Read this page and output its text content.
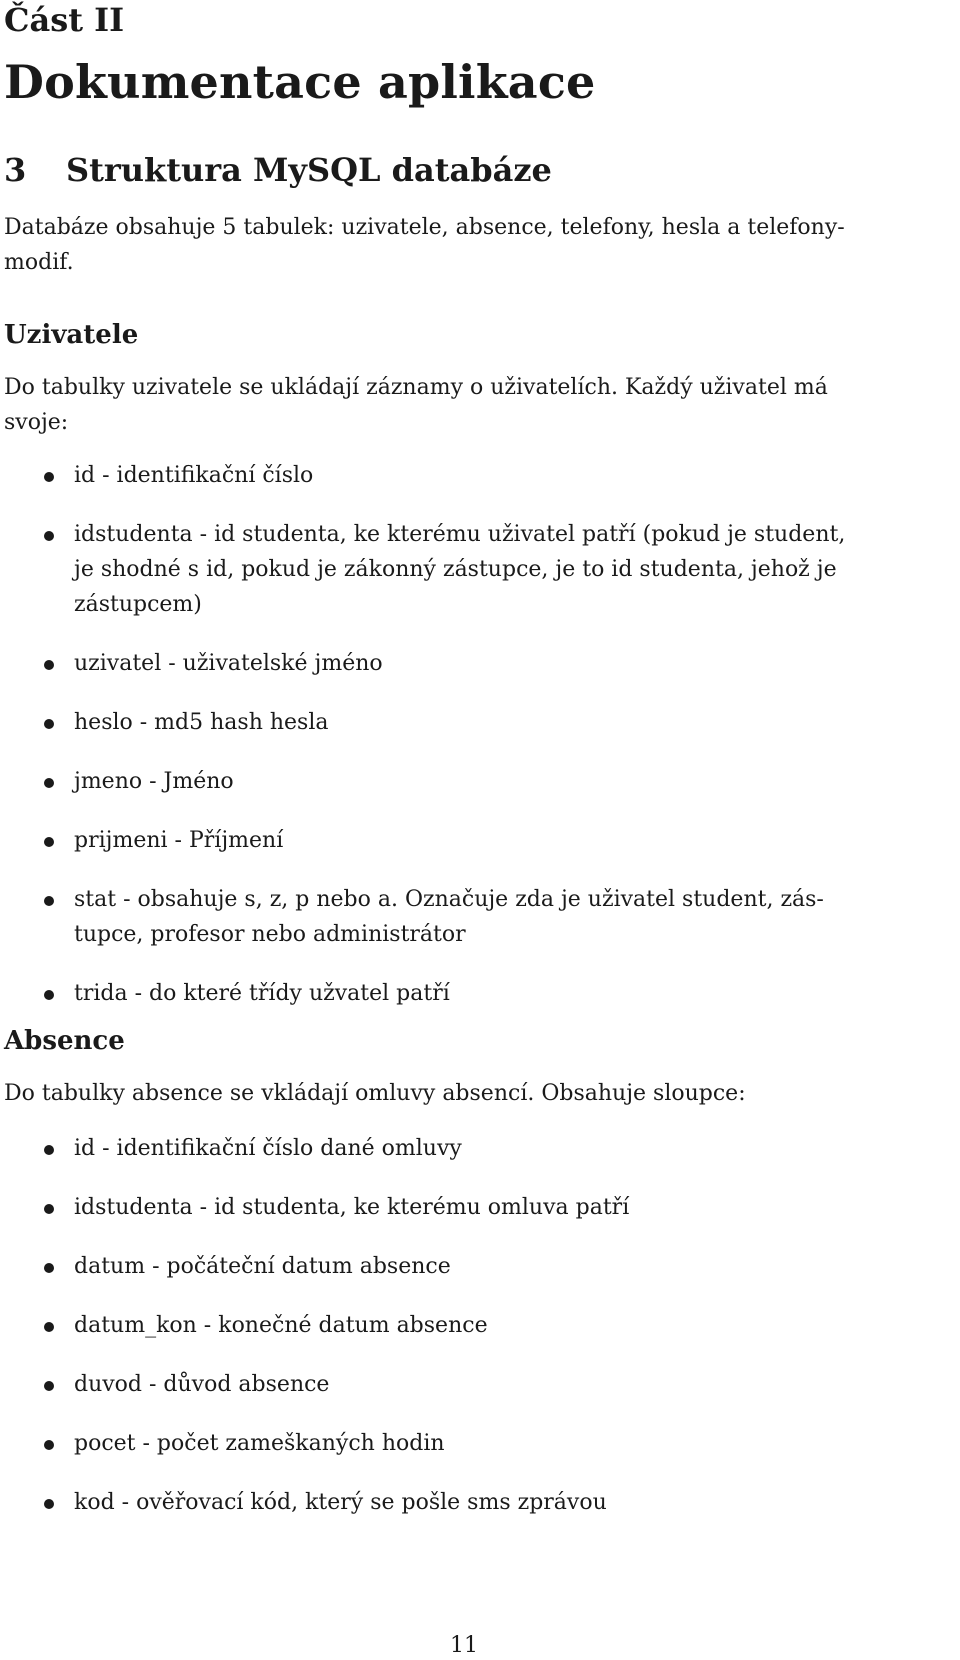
Část II
Dokumentace aplikace
3 Struktura MySQL databáze

Databáze obsahuje 5 tabulek: uzivatele, absence, telefony, hesla a telefony-
modif.

Uzivatele

Do tabulky uzivatele se ukládají záznamy o uživatelích. Každý uživatel má
svoje:

id - identifikační číslo
idstudenta - id studenta, ke kterému uživatel patří (pokud je student,
je shodné s id, pokud je zákonný zástupce, je to id studenta, jehož je
zástupcem)
uzivatel - uživatelské jméno
heslo - md5 hash hesla
jmeno - Jméno
prijmeni - Příjmení
stat - obsahuje s, z, p nebo a. Označuje zda je uživatel student, zás-
tupce, profesor nebo administrátor
trida - do které třídy užvatel patří
Absence

Do tabulky absence se vkládají omluvy absencí. Obsahuje sloupce:

id - identifikační číslo dané omluvy
idstudenta - id studenta, ke kterému omluva patří
datum - počáteční datum absence
datum_kon - konečné datum absence
duvod - důvod absence
pocet - počet zameškaných hodin
kod - ověřovací kód, který se pošle sms zprávou

11
